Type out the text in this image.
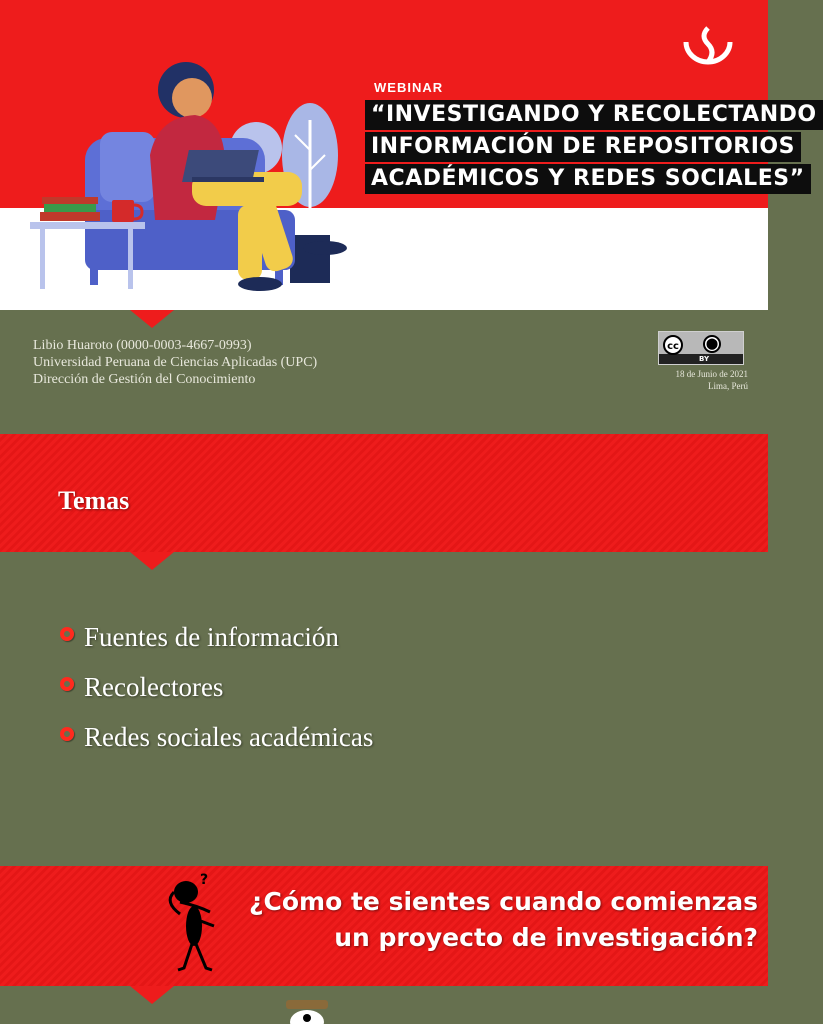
WEBINAR
“INVESTIGANDO Y RECOLECTANDO
INFORMACIÓN DE REPOSITORIOS
ACADÉMICOS Y REDES SOCIALES”
Libio Huaroto (0000-0003-4667-0993)
Universidad Peruana de Ciencias Aplicadas (UPC)
Dirección de Gestión del Conocimiento
cc	⬤
BY
18 de Junio de 2021
Lima, Perú
Temas
Fuentes de información
Recolectores
Redes sociales académicas
?
¿Cómo te sientes cuando comienzas
un proyecto de investigación?
